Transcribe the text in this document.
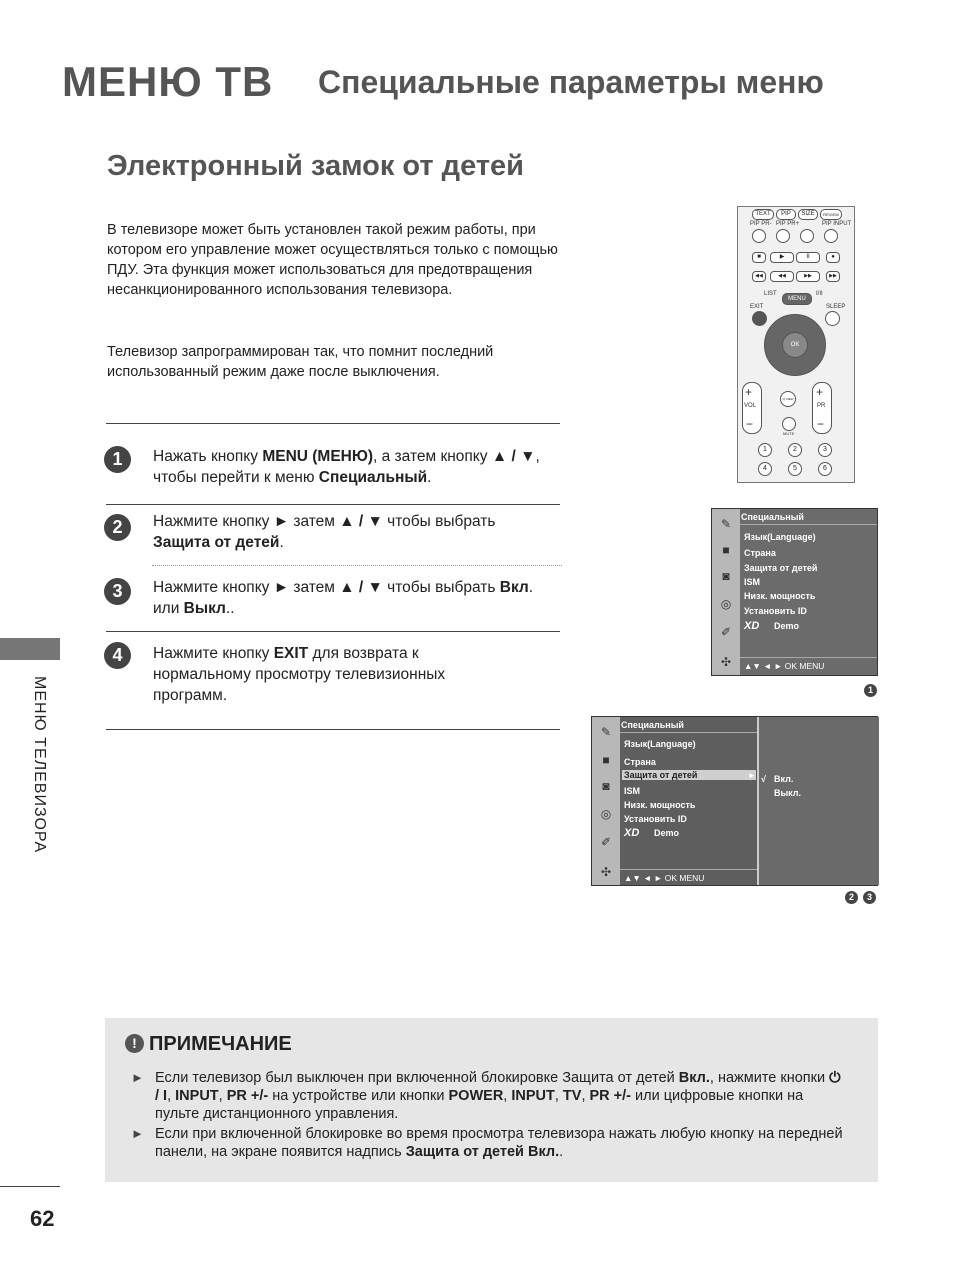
МЕНЮ ТВ Специальные параметры меню
Электронный замок от детей
В телевизоре может быть установлен такой режим работы, при котором его управление может осуществляться только с помощью ПДУ. Эта функция может использоваться для предотвращения несанкционированного использования телевизора.
Телевизор запрограммирован так, что помнит последний использованный режим даже после выключения.
1	Нажать кнопку MENU (МЕНЮ), а затем кнопку ▲ / ▼, чтобы перейти к меню Специальный.
2	Нажмите кнопку ► затем ▲ / ▼ чтобы выбрать Защита от детей.
3	Нажмите кнопку ► затем ▲ / ▼ чтобы выбрать Вкл. или Выкл..
4	Нажмите кнопку EXIT для возврата к нормальному просмотру телевизионных программ.
МЕНЮ ТЕЛЕВИЗОРА
62
TEXT	PIP	SIZE	REVIEW
PIP PR- PIP PR+	PIP INPUT
■	▶	II	●
◀◀	◀◀	▶▶	▶▶
LIST	I/II
MENU
EXIT	SLEEP
OK
+
VOL
−
+
PR
−
Q.VIEW
MUTE
1	2	3
4	5	6
✎
■
◙
◎
✐
✣
Специальный
Язык(Language)
Страна
Защита от детей
ISM
Низк. мощность
Установить ID
XD Demo
▲▼ ◄ ► OK MENU
1
✎
■
◙
◎
✐
✣
Специальный
Язык(Language)
Страна
Защита от детей	►
ISM
Низк. мощность
Установить ID
XD Demo
▲▼ ◄ ► OK MENU
√ Вкл.
Выкл.
2	3
! ПРИМЕЧАНИЕ
► Если телевизор был выключен при включенной блокировке Защита от детей Вкл., нажмите кнопки ⏻ / I, INPUT, PR +/- на устройстве или кнопки POWER, INPUT, TV, PR +/- или цифровые кнопки на пульте дистанционного управления.
► Если при включенной блокировке во время просмотра телевизора нажать любую кнопку на передней панели, на экране появится надпись Защита от детей Вкл..
